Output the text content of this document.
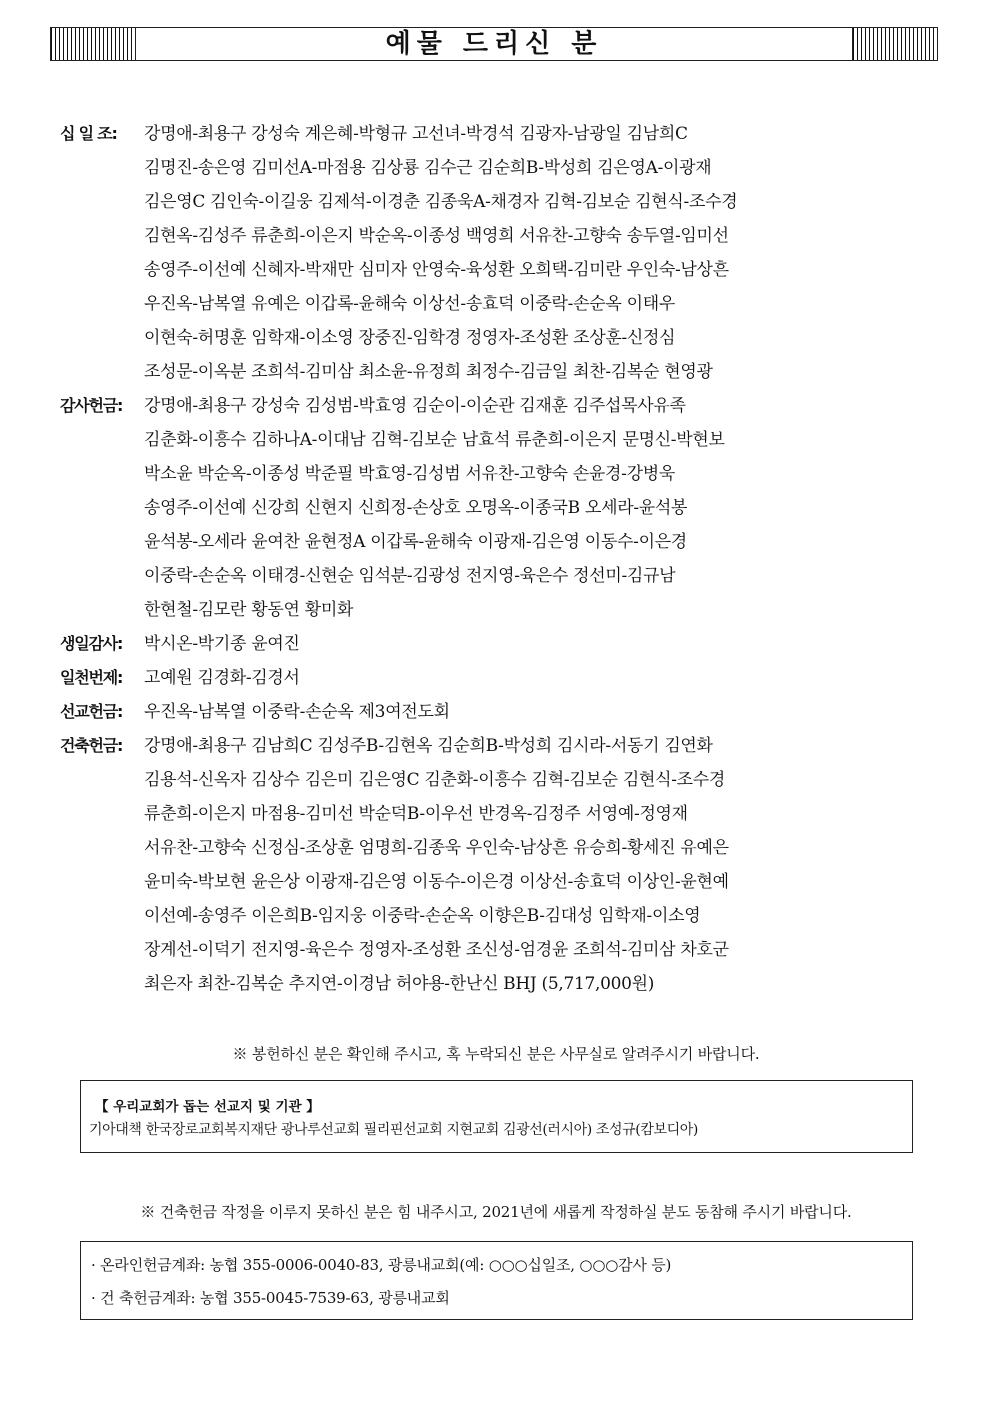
예물 드리신 분
십 일 조:	강명애-최용구 강성숙 계은혜-박형규 고선녀-박경석 김광자-남광일 김남희C
김명진-송은영 김미선A-마점용 김상룡 김수근 김순희B-박성희 김은영A-이광재
김은영C 김인숙-이길웅 김제석-이경춘 김종욱A-채경자 김혁-김보순 김현식-조수경
김현옥-김성주 류춘희-이은지 박순옥-이종성 백영희 서유찬-고향숙 송두열-임미선
송영주-이선예 신혜자-박재만 심미자 안영숙-육성환 오희택-김미란 우인숙-남상흔
우진옥-남복열 유예은 이갑록-윤해숙 이상선-송효덕 이중락-손순옥 이태우
이현숙-허명훈 임학재-이소영 장중진-임학경 정영자-조성환 조상훈-신정심
조성문-이옥분 조희석-김미삼 최소윤-유정희 최정수-김금일 최찬-김복순 현영광
감사헌금:	강명애-최용구 강성숙 김성범-박효영 김순이-이순관 김재훈 김주섭목사유족
김춘화-이흥수 김하나A-이대남 김혁-김보순 남효석 류춘희-이은지 문명신-박현보
박소윤 박순옥-이종성 박준필 박효영-김성범 서유찬-고향숙 손윤경-강병욱
송영주-이선예 신강희 신현지 신희정-손상호 오명옥-이종국B 오세라-윤석봉
윤석봉-오세라 윤여찬 윤현정A 이갑록-윤해숙 이광재-김은영 이동수-이은경
이중락-손순옥 이태경-신현순 임석분-김광성 전지영-육은수 정선미-김규남
한현철-김모란 황동연 황미화
생일감사:	박시온-박기종 윤여진
일천번제:	고예원 김경화-김경서
선교헌금:	우진옥-남복열 이중락-손순옥 제3여전도회
건축헌금:	강명애-최용구 김남희C 김성주B-김현옥 김순희B-박성희 김시라-서동기 김연화
김용석-신옥자 김상수 김은미 김은영C 김춘화-이흥수 김혁-김보순 김현식-조수경
류춘희-이은지 마점용-김미선 박순덕B-이우선 반경옥-김정주 서영예-정영재
서유찬-고향숙 신정심-조상훈 엄명희-김종욱 우인숙-남상흔 유승희-황세진 유예은
윤미숙-박보현 윤은상 이광재-김은영 이동수-이은경 이상선-송효덕 이상인-윤현예
이선예-송영주 이은희B-임지웅 이중락-손순옥 이향은B-김대성 임학재-이소영
장계선-이덕기 전지영-육은수 정영자-조성환 조신성-엄경윤 조희석-김미삼 차호군
최은자 최찬-김복순 추지연-이경남 허야용-한난신 BHJ (5,717,000원)
※ 봉헌하신 분은 확인해 주시고, 혹 누락되신 분은 사무실로 알려주시기 바랍니다.
【 우리교회가 돕는 선교지 및 기관 】
기아대책 한국장로교회복지재단 광나루선교회 필리핀선교회 지현교회 김광선(러시아) 조성규(캄보디아)
※ 건축헌금 작정을 이루지 못하신 분은 힘 내주시고, 2021년에 새롭게 작정하실 분도 동참해 주시기 바랍니다.
· 온라인헌금계좌: 농협 355-0006-0040-83, 광릉내교회(예: ○○○십일조, ○○○감사 등)
· 건 축헌금계좌: 농협 355-0045-7539-63, 광릉내교회
